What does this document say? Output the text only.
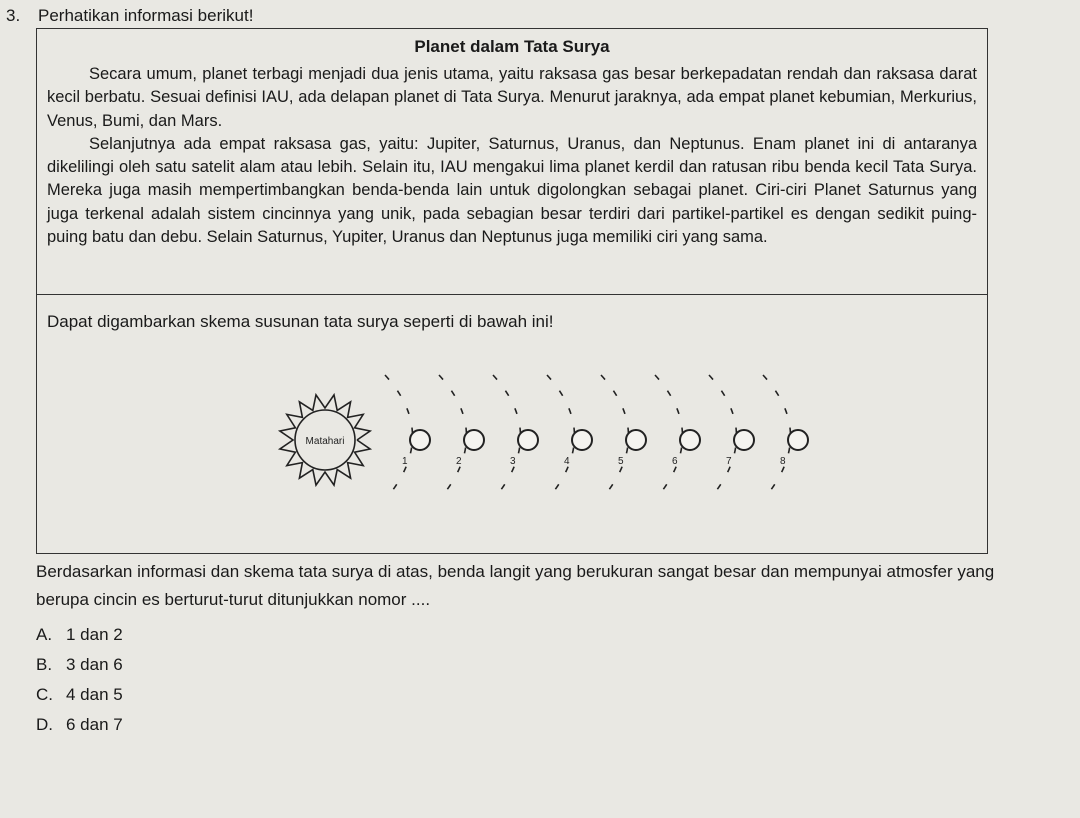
3. Perhatikan informasi berikut!
Planet dalam Tata Surya

Secara umum, planet terbagi menjadi dua jenis utama, yaitu raksasa gas besar berkepadatan rendah dan raksasa darat kecil berbatu. Sesuai definisi IAU, ada delapan planet di Tata Surya. Menurut jaraknya, ada empat planet kebumian, Merkurius, Venus, Bumi, dan Mars.

Selanjutnya ada empat raksasa gas, yaitu: Jupiter, Saturnus, Uranus, dan Neptunus. Enam planet ini di antaranya dikelilingi oleh satu satelit alam atau lebih. Selain itu, IAU mengakui lima planet kerdil dan ratusan ribu benda kecil Tata Surya. Mereka juga masih mempertimbangkan benda-benda lain untuk digolongkan sebagai planet. Ciri-ciri Planet Saturnus yang juga terkenal adalah sistem cincinnya yang unik, pada sebagian besar terdiri dari partikel-partikel es dengan sedikit puing-puing batu dan debu. Selain Saturnus, Yupiter, Uranus dan Neptunus juga memiliki ciri yang sama.

Dapat digambarkan skema susunan tata surya seperti di bawah ini!
Matahari
1	2	3	4	5	6	7	8

Berdasarkan informasi dan skema tata surya di atas, benda langit yang berukuran sangat besar dan mempunyai atmosfer yang berupa cincin es berturut-turut ditunjukkan nomor ....

A. 1 dan 2
B. 3 dan 6
C. 4 dan 5
D. 6 dan 7
